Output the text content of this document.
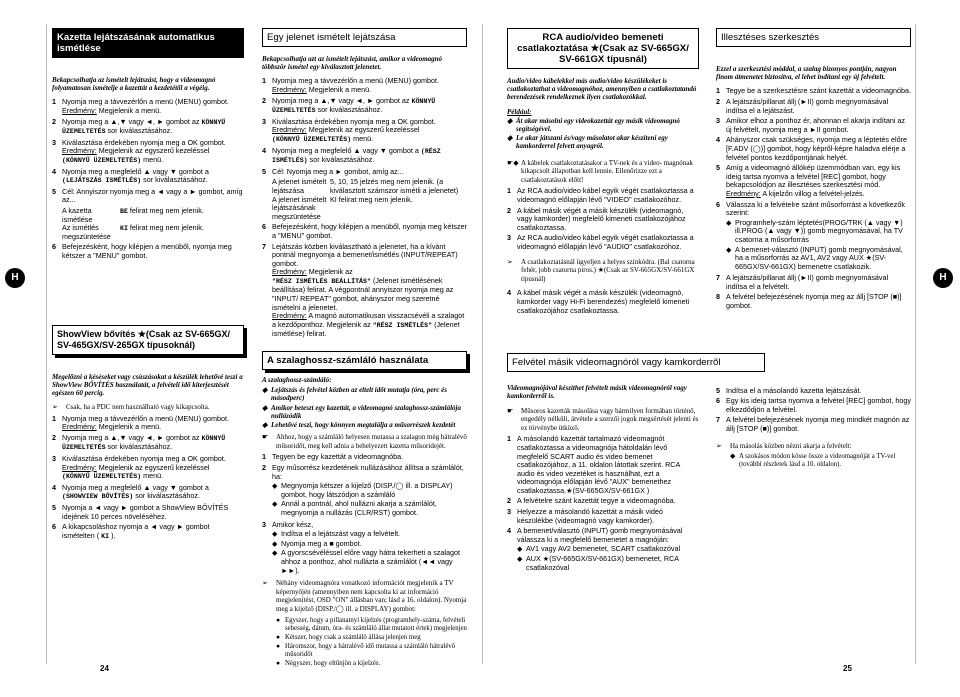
H	H
Kazetta lejátszásának automatikus ismétlése
Bekapcsolhatja az ismételt lejátszást, hogy a videomagnó folyamatosan ismételje a kazettát a kezdetétől a végéig.
1 Nyomja meg a távvezérlőn a menü (MENU) gombot.
Eredmény: Megjelenik a menü.
2 Nyomja meg a ▲,▼ vagy ◄, ► gombot az KÖNNYŰ ÜZEMELTETÉS sor kiválasztásához.
3 Kiválasztása érdekében nyomja meg a OK gombot.
Eredmény: Megjelenik az egyszerű kezeléssel
(KÖNNYŰ ÜZEMELTETÉS) menü.
4 Nyomja meg a megfelelő ▲ vagy ▼ gombot a (LEJÁTSZÁS ISMÉTLÉS) sor kiválasztásához.
5 Cél: Annyiszor nyomja meg a ◄ vagy a ► gombot, amíg az...
A kazetta ismétlése
BE felirat meg nem jelenik.
Az ismétlés megszüntetése
KI felirat meg nem jelenik.
6 Befejezésként, hogy kilépjen a menüből, nyomja meg kétszer a "MENU" gombot.
ShowView bővítés ★(Csak az SV-665GX/ SV-465GX/SV-265GX típusoknál)
Megelőzni a késéseket vagy csúszásokat a készülék lehetővé teszi a ShowView BŐVÍTÉS használatát, a felvételi idő kiterjesztését egészen 60 percig.
➢	Csak, ha a PDC nem használható vagy kikapcsolta.
1 Nyomja meg a távvezérlőn a menü (MENU) gombot.
Eredmény: Megjelenik a menü.
2 Nyomja meg a ▲,▼ vagy ◄, ► gombot az KÖNNYŰ ÜZEMELTETÉS sor kiválasztásához.
3 Kiválasztása érdekében nyomja meg a OK gombot.
Eredmény: Megjelenik az egyszerű kezeléssel
(KÖNNYŰ ÜZEMELTETÉS) menü.
4 Nyomja meg a megfelelő ▲ vagy ▼ gombot a (SHOWVIEW BŐVÍTÉS) sor kiválasztásához.
5 Nyomja a ◄ vagy ► gombot a ShowView BŐVÍTÉS idejének 10 perces növeléséhez.
6 A kikapcsoláshoz nyomja a ◄ vagy ► gombot ismételten ( KI ).
Egy jelenet ismételt lejátszása
Bekapcsolhatja azt az ismételt lejátszást, amikor a videomagnó többször ismétel egy kiválasztott jelenetet.
1 Nyomja meg a távvezérlőn a menü (MENU) gombot.
Eredmény: Megjelenik a menü.
2 Nyomja meg a ▲,▼ vagy ◄, ► gombot az KÖNNYŰ ÜZEMELTETÉS sor kiválasztásához.
3 Kiválasztása érdekében nyomja meg a OK gombot.
Eredmény: Megjelenik az egyszerű kezeléssel
(KÖNNYŰ ÜZEMELTETÉS) menü.
4 Nyomja meg a megfelelő ▲ vagy ▼ gombot a (RÉSZ ISMÉTLÉS) sor kiválasztásához.
5 Cél: Nyomja meg a ► gombot, amíg az...
A jelenet ismételt lejátszása
5, 10, 15 jelzés meg nem jelenik. (a kiválasztott számszor ismétli a jelenetet)
A jelenet ismételt lejátszásának megszüntetése
KI felirat meg nem jelenik.
6 Befejezésként, hogy kilépjen a menüből, nyomja meg kétszer a "MENU" gombot.
7 Lejátszás közben kiválasztható a jelenetet, ha a kívánt pontnál megnyomja a bemenet/ismétlés (INPUT/REPEAT) gombot.
Eredmény: Megjelenik az
"RÉSZ ISMÉTLÉS BEÁLLÍTÁS" (Jelenet ismétlésének beállítása) felirat. A végpontnál annyiszor nyomja meg az "INPUT/ REPEAT" gombot, ahányszor meg szeretné ismételni a jelenetet.
Eredmény: A magnó automatikusan visszacsévéli a szalagot a kezdőponthoz. Megjelenik az "RÉSZ ISMÉTLÉS" (Jelenet ismétlése) felirat.
A szalaghossz-számláló használata
A szalaghossz-számláló:
◆ Lejátszás és felvétel közben az eltelt idõt mutatja (óra, perc és másodperc)
◆ Amikor beteszt egy kazettát, a videomagnó szalaghossz-számlálója nullázódik
◆ Lehetővé teszi, hogy könnyen megtalálja a műsorrészek kezdetét
☛	Ahhoz, hogy a számláló helyesen mutassa a szalagon még hátralévő műsoridőt, meg kell adnia a behelyezett kazetta műsoridejét.
1 Tegyen be egy kazettát a videomagnóba.
2 Egy műsorrész kezdetének nullázásához állítsa a számlálót, ha:
◆ Megnyomja kétszer a kijelző (DISP./◯ ill. a DISPLAY) gombot, hogy látszódjon a számláló
◆ Annál a pontnál, ahol nullázni akarja a számlálót, megnyomja a nullázás (CLR/RST) gombot.
3 Amikor kész,
◆ Indítsa el a lejátszást vagy a felvételt.
◆ Nyomja meg a ■ gombot.
◆ A gyorscsévéléssel előre vagy hátra tekerheti a szalagot ahhoz a ponthoz, ahol nullázta a számlálót (◄◄ vagy ►►).
➢	Néhány videomagnóra vonatkozó információt megjelenik a TV képernyőjén (amennyiben nem kapcsolta ki az információ megjelenítést, OSD "ON" állásban van; lásd a 16. oldalon). Nyomja meg a kijelző (DISP./◯ ill. a DISPLAY) gombot:
● Egyszer, hogy a pillanatnyi kijelzés (programhely-száma, felvételi sebesség, dátum, óra- és számláló állat mutatott értek) megjelenjen
● Kétszer, hogy csak a számláló állása jelenjen meg
● Háromszor, hogy a hátralévő idő mutassa a számláló hátralévõ műsoridőt
● Négyszer, hogy eltűnjön a kijelzés.
RCA audio/video bemeneti csatlakoztatása ★(Csak az SV-665GX/ SV-661GX típusnál)
Audio/video kábelekkel más audio/video készülékeket is csatlakoztathat a videomagnóhoz, amennyiben a csatlakoztatandó berendezések rendelkeznek ilyen csatlakozókkal.
Például:
◆ Át akar másolni egy videokazettát egy másik videomagnó segítségével.
◆ Le akar játszani és/vagy másolatot akar készíteni egy kamkorderrel felvett anyagról.
☛◆ A kábelek csatlakoztatásakor a TV-nek és a video- magnónak kikapcsolt állapotban kell lennie. Ellenőrizze ezt a csatlakoztatások előtt!
1 Az RCA audio/video kábel egyik végét csatlakoztassa a videomagnó előlapján lévő "VIDEO" csatlakozóhoz.
2 A kábel másik végét a másik készülék (videomagnó, vagy kamkorder) megfelelő kimeneti csatlakozójához csatlakoztassa.
3 Az RCA audio/video kábel egyik végét csatlakoztassa a videomagnó előlapján lévő "AUDIO" csatlakozóhoz.
➢	A csatlakoztatásnál ügyeljen a helyes színkódra. (Bal csatorna fehér, jobb csatorna piros.) ★(Csak az SV-665GX/SV-661GX típusnál)
4 A kábel másik végét a másik készülék (videomagnó, kamkorder vagy Hi-Fi berendezés) megfelelő kimeneti csatlakozójához csatlakoztassa.
Felvétel másik videomagnóról vagy kamkorderről
Videomagnójával készíthet felvételt másik videomagnóról vagy kamkorderről is.
☛	Műsoros kazetták másolása vagy bármilyen formában történő, engedély nélküli, átvétele a szerzői jogok megsértését jelenti és ez törvénybe ütköző.
1 A másolandó kazettát tartalmazó videomagnót csatlakoztassa a videomagnója hátoldalán lévő megfelelő SCART audio és video bemenet csatlakozójához, a 11. oldalon látottak szerint. RCA audio és video vezetéket is használhat, ezt a videomagnója előlapján lévő "AUX" bemenethez csatlakoztassa.★(SV-665GX/SV-661GX )
2 A felvételre szánt kazettát tegye a videomagnóba.
3 Helyezze a másolandó kazettát a másik videó készülékbe (videomagnó vagy kamkorder).
4 A bemenet/választó (INPUT) gomb megnyomásával válassza ki a megfelelő bemenetet a magnóján:
◆ AV1 vagy AV2 bemenetet, SCART csatlakozóval
◆ AUX ★(SV-665GX/SV-661GX) bemenetet, RCA csatlakozóval
Illesztéses szerkesztés
Ezzel a szerkesztési móddal, a szalag bizonyos pontján, nagyon finom átmenetet biztosítva, el lehet indítani egy új felvételt.
1 Tegye be a szerkesztésre szánt kazettát a videomagnóba.
2 A lejátszás/pillanat állj (►II) gomb megnyomásával indítsa el a lejátszást.
3 Amikor elhoz a ponthoz ér, ahonnan el akarja indítani az új felvételt, nyomja meg a ►II gombot.
4 Ahányszor csak szükséges, nyomja meg a léptetés előre [F.ADV (◯)] gombot, hogy képről-képre haladva elérje a felvétel pontos kezdőpontjának helyét.
5 Amíg a videomagnó állókép üzemmódban van, egy kis ideig tartsa nyomva a felvétel [REC] gombot, hogy bekapcsolódjon az illesztéses szerkesztési mód.
Eredmény: A kijelzőn villog a felvétel-jelzés.
6 Válassza ki a felvételre szánt műsorforrást a következők szerint:
◆ Programhely-szám léptetés(PROG/TRK (▲ vagy ▼) ill.PROG (▲ vagy ▼)) gomb megnyomásával, ha TV csatorna a műsorforrás
◆ A bemenet-választó (INPUT) gomb megnyomásával, ha a műsorforrás az AV1, AV2 vagy AUX ★(SV-665GX/SV-661GX) bemenetre csatlakozik.
7 A lejátszás/pillanat állj (►II) gomb megnyomásával indítsa el a felvételt.
8 A felvétel befejezésének nyomja meg az állj [STOP (■)] gombot.
5 Indítsa el a másolandó kazetta lejátszását.
6 Egy kis ideig tartsa nyomva a felvétel [REC] gombot, hogy elkezdődjön a felvétel.
7 A felvétel befejezésének nyomja meg mindkét magnón az állj [STOP (■)] gombot.
➢	Ha másolás közben nézni akarja a felvételt:
◆ A szokásos módon kösse össze a videomagnóját a TV-vel (további részletek lásd a 10. oldalon).
24	25
